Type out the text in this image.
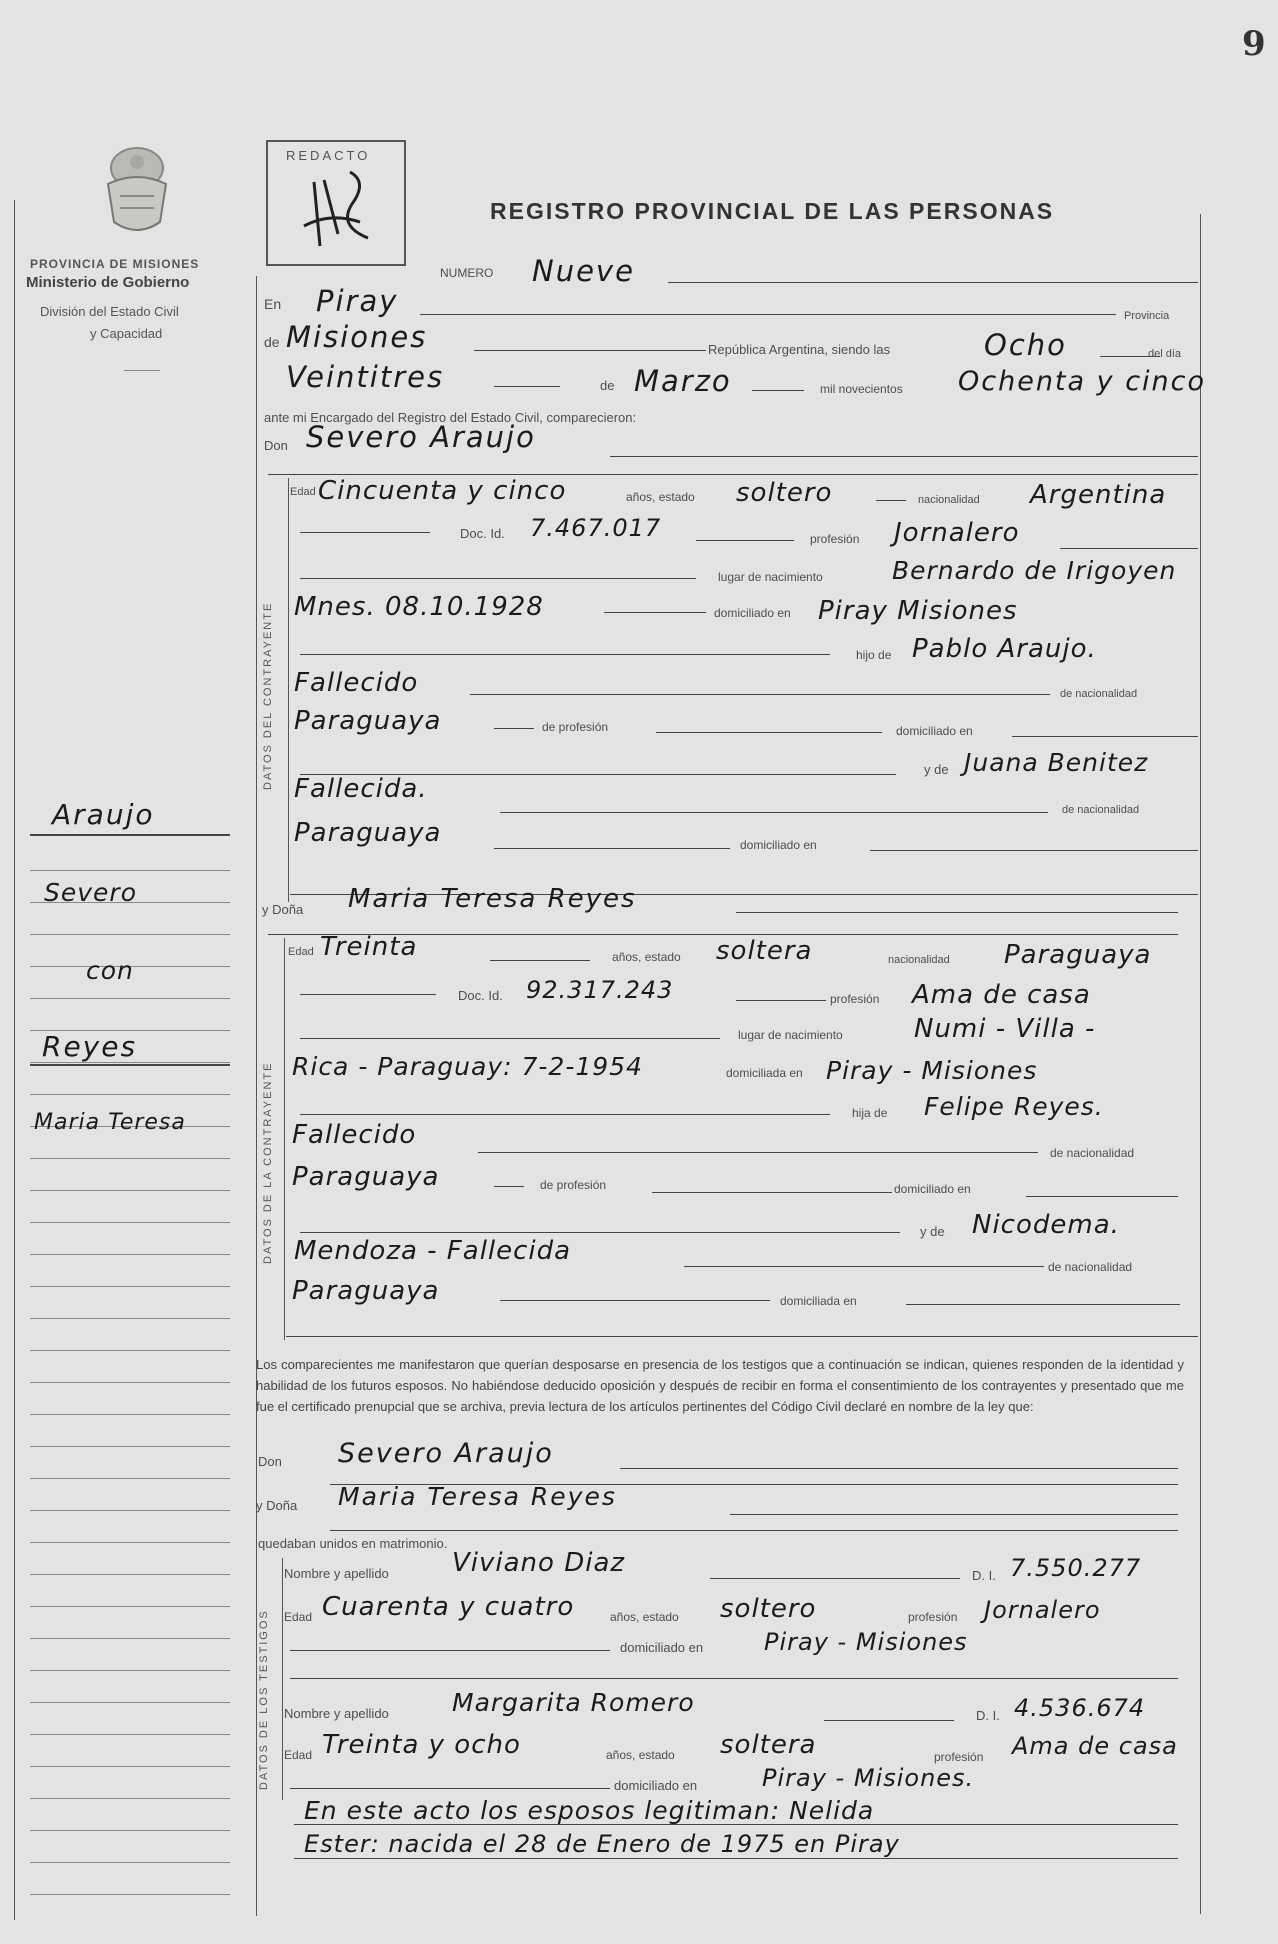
9
PROVINCIA DE MISIONES
Ministerio de Gobierno
División del Estado Civil
y Capacidad
REDACTO
REGISTRO PROVINCIAL DE LAS PERSONAS
NUMERO Nueve
En Piray	Provincia
de Misiones	República Argentina, siendo las	Ocho	del día
Veintitres	de Marzo	mil novecientos Ochenta y cinco
ante mi Encargado del Registro del Estado Civil, comparecieron:
Don Severo Araujo
DATOS DEL CONTRAYENTE
Edad Cincuenta y cinco	años, estado soltero	nacionalidad Argentina
Doc. Id. 7.467.017	profesión Jornalero
lugar de nacimiento	Bernardo de Irigoyen
Mnes. 08.10.1928	domiciliado en Piray Misiones
hijo de Pablo Araujo.
Fallecido	de nacionalidad
Paraguaya	de profesión	domiciliado en
y de Juana Benitez
Fallecida.
de nacionalidad
Paraguaya	domiciliado en
y Doña Maria Teresa Reyes
DATOS DE LA CONTRAYENTE
Edad Treinta	años, estado soltera	nacionalidad Paraguaya
Doc. Id. 92.317.243	profesión Ama de casa
lugar de nacimiento	Numi - Villa -
Rica - Paraguay: 7-2-1954	domiciliada en Piray - Misiones
hija de Felipe Reyes.
Fallecido
de nacionalidad
Paraguaya	de profesión	domiciliado en
y de Nicodema.
Mendoza - Fallecida
de nacionalidad
Paraguaya	domiciliada en
Los comparecientes me manifestaron que querían desposarse en presencia de los testigos que a continuación se indican, quienes responden de la identidad y habilidad de los futuros esposos. No habiéndose deducido oposición y después de recibir en forma el consentimiento de los contrayentes y presentado que me fue el certificado prenupcial que se archiva, previa lectura de los artículos pertinentes del Código Civil declaré en nombre de la ley que:
Don Severo Araujo
y Doña Maria Teresa Reyes
quedaban unidos en matrimonio.
DATOS DE LOS TESTIGOS
Nombre y apellido Viviano Diaz	D. I. 7.550.277
Edad Cuarenta y cuatro	años, estado soltero	profesión Jornalero
domiciliado en	Piray - Misiones
Nombre y apellido	Margarita Romero	D. I. 4.536.674
Edad Treinta y ocho	años, estado soltera	profesión Ama de casa
domiciliado en	Piray - Misiones.
En este acto los esposos legitiman: Nelida
Ester: nacida el 28 de Enero de 1975 en Piray
Araujo
Severo
con
Reyes
Maria Teresa
